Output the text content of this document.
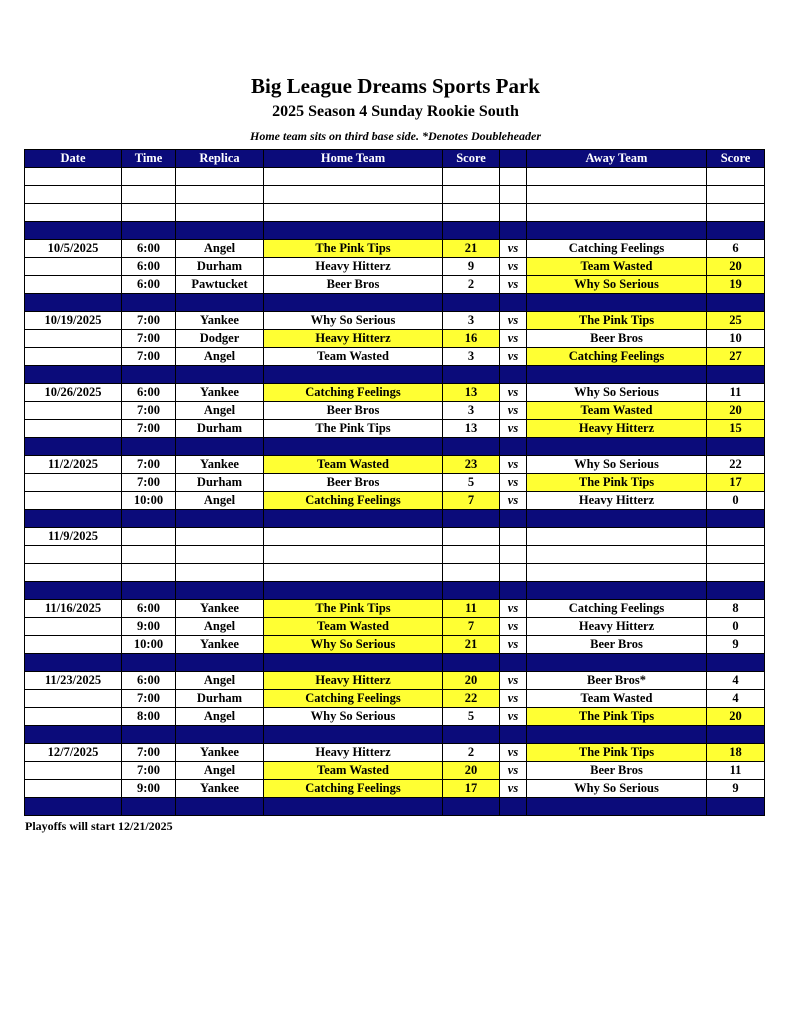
Big League Dreams Sports Park
2025 Season 4 Sunday Rookie South
Home team sits on third base side. *Denotes Doubleheader
Date	Time	Replica	Home Team	Score		Away Team	Score

10/5/2025	6:00	Angel	The Pink Tips	21	vs	Catching Feelings	6
	6:00	Durham	Heavy Hitterz	9	vs	Team Wasted	20
	6:00	Pawtucket	Beer Bros	2	vs	Why So Serious	19

10/19/2025	7:00	Yankee	Why So Serious	3	vs	The Pink Tips	25
	7:00	Dodger	Heavy Hitterz	16	vs	Beer Bros	10
	7:00	Angel	Team Wasted	3	vs	Catching Feelings	27

10/26/2025	6:00	Yankee	Catching Feelings	13	vs	Why So Serious	11
	7:00	Angel	Beer Bros	3	vs	Team Wasted	20
	7:00	Durham	The Pink Tips	13	vs	Heavy Hitterz	15

11/2/2025	7:00	Yankee	Team Wasted	23	vs	Why So Serious	22
	7:00	Durham	Beer Bros	5	vs	The Pink Tips	17
	10:00	Angel	Catching Feelings	7	vs	Heavy Hitterz	0

11/9/2025							

11/16/2025	6:00	Yankee	The Pink Tips	11	vs	Catching Feelings	8
	9:00	Angel	Team Wasted	7	vs	Heavy Hitterz	0
	10:00	Yankee	Why So Serious	21	vs	Beer Bros	9

11/23/2025	6:00	Angel	Heavy Hitterz	20	vs	Beer Bros*	4
	7:00	Durham	Catching Feelings	22	vs	Team Wasted	4
	8:00	Angel	Why So Serious	5	vs	The Pink Tips	20

12/7/2025	7:00	Yankee	Heavy Hitterz	2	vs	The Pink Tips	18
	7:00	Angel	Team Wasted	20	vs	Beer Bros	11
	9:00	Yankee	Catching Feelings	17	vs	Why So Serious	9

Playoffs will start 12/21/2025
